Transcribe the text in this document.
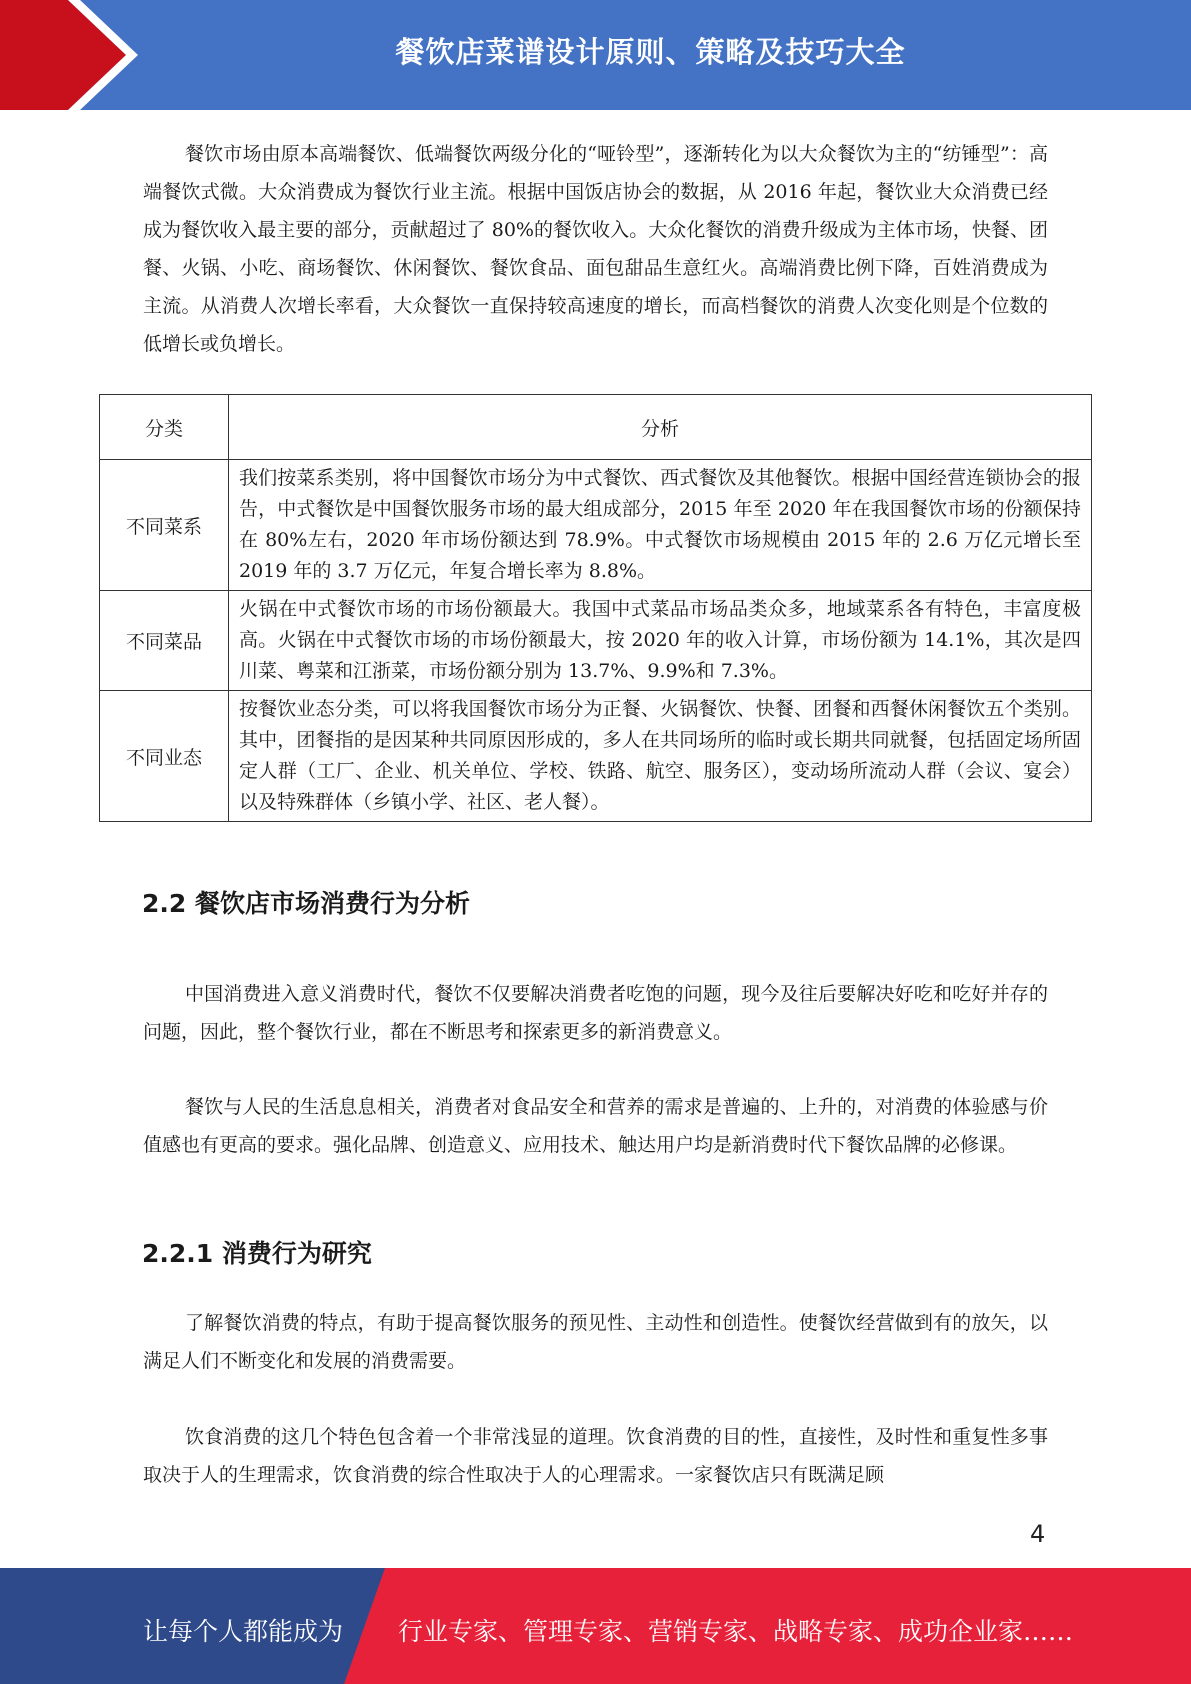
餐饮店菜谱设计原则、策略及技巧大全

餐饮市场由原本高端餐饮、低端餐饮两级分化的“哑铃型”，逐渐转化为以大众餐饮为主的“纺锤型”：高端餐饮式微。大众消费成为餐饮行业主流。根据中国饭店协会的数据，从 2016 年起，餐饮业大众消费已经成为餐饮收入最主要的部分，贡献超过了 80%的餐饮收入。大众化餐饮的消费升级成为主体市场，快餐、团餐、火锅、小吃、商场餐饮、休闲餐饮、餐饮食品、面包甜品生意红火。高端消费比例下降，百姓消费成为主流。从消费人次增长率看，大众餐饮一直保持较高速度的增长，而高档餐饮的消费人次变化则是个位数的低增长或负增长。

分类	分析
不同菜系	我们按菜系类别，将中国餐饮市场分为中式餐饮、西式餐饮及其他餐饮。根据中国经营连锁协会的报告，中式餐饮是中国餐饮服务市场的最大组成部分，2015 年至 2020 年在我国餐饮市场的份额保持在 80%左右，2020 年市场份额达到 78.9%。中式餐饮市场规模由 2015 年的 2.6 万亿元增长至 2019 年的 3.7 万亿元，年复合增长率为 8.8%。
不同菜品	火锅在中式餐饮市场的市场份额最大。我国中式菜品市场品类众多，地域菜系各有特色，丰富度极高。火锅在中式餐饮市场的市场份额最大，按 2020 年的收入计算，市场份额为 14.1%，其次是四川菜、粤菜和江浙菜，市场份额分别为 13.7%、9.9%和 7.3%。
不同业态	按餐饮业态分类，可以将我国餐饮市场分为正餐、火锅餐饮、快餐、团餐和西餐休闲餐饮五个类别。其中，团餐指的是因某种共同原因形成的，多人在共同场所的临时或长期共同就餐，包括固定场所固定人群（工厂、企业、机关单位、学校、铁路、航空、服务区），变动场所流动人群（会议、宴会）以及特殊群体（乡镇小学、社区、老人餐）。
2.2 餐饮店市场消费行为分析

中国消费进入意义消费时代，餐饮不仅要解决消费者吃饱的问题，现今及往后要解决好吃和吃好并存的问题，因此，整个餐饮行业，都在不断思考和探索更多的新消费意义。

餐饮与人民的生活息息相关，消费者对食品安全和营养的需求是普遍的、上升的，对消费的体验感与价值感也有更高的要求。强化品牌、创造意义、应用技术、触达用户均是新消费时代下餐饮品牌的必修课。

2.2.1 消费行为研究

了解餐饮消费的特点，有助于提高餐饮服务的预见性、主动性和创造性。使餐饮经营做到有的放矢，以满足人们不断变化和发展的消费需要。

饮食消费的这几个特色包含着一个非常浅显的道理。饮食消费的目的性，直接性，及时性和重复性多事取决于人的生理需求，饮食消费的综合性取决于人的心理需求。一家餐饮店只有既满足顾

4
让每个人都能成为 行业专家、管理专家、营销专家、战略专家、成功企业家……
